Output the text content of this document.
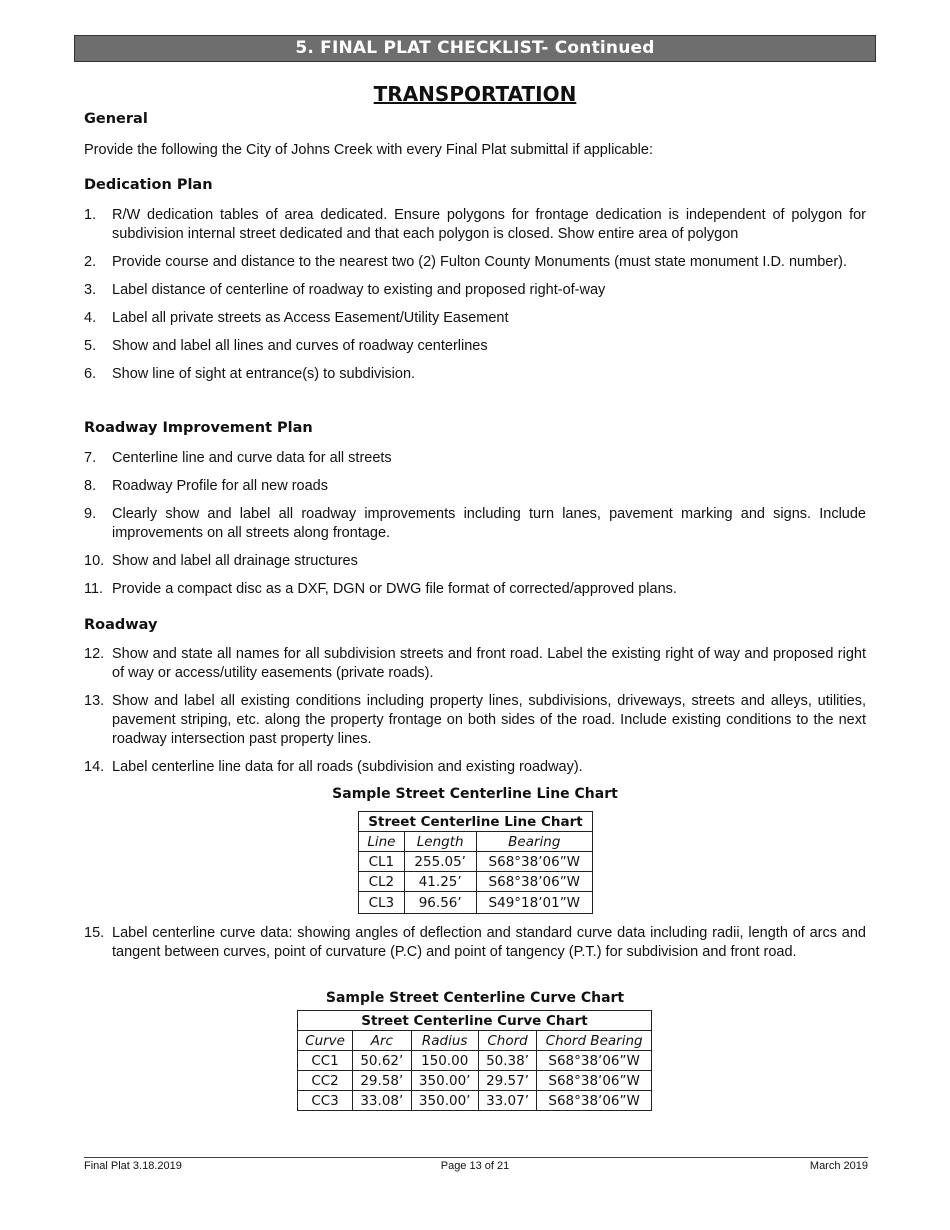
5. FINAL PLAT CHECKLIST- Continued
TRANSPORTATION

General

Provide the following the City of Johns Creek with every Final Plat submittal if applicable:

Dedication Plan

1.	R/W dedication tables of area dedicated. Ensure polygons for frontage dedication is independent of polygon for subdivision internal street dedicated and that each polygon is closed. Show entire area of polygon
2.	Provide course and distance to the nearest two (2) Fulton County Monuments (must state monument I.D. number).
3.	Label distance of centerline of roadway to existing and proposed right-of-way
4.	Label all private streets as Access Easement/Utility Easement
5.	Show and label all lines and curves of roadway centerlines
6.	Show line of sight at entrance(s) to subdivision.

Roadway Improvement Plan

7.	Centerline line and curve data for all streets
8.	Roadway Profile for all new roads
9.	Clearly show and label all roadway improvements including turn lanes, pavement marking and signs. Include improvements on all streets along frontage.
10. Show and label all drainage structures
11. Provide a compact disc as a DXF, DGN or DWG file format of corrected/approved plans.

Roadway

12. Show and state all names for all subdivision streets and front road. Label the existing right of way and proposed right of way or access/utility easements (private roads).
13. Show and label all existing conditions including property lines, subdivisions, driveways, streets and alleys, utilities, pavement striping, etc. along the property frontage on both sides of the road. Include existing conditions to the next roadway intersection past property lines.
14. Label centerline line data for all roads (subdivision and existing roadway).
Sample Street Centerline Line Chart
Street Centerline Line Chart		
Line	Length	Bearing
CL1	255.05’	S68°38’06”W
CL2	41.25’	S68°38’06”W
CL3	96.56’	S49°18’01”W
15. Label centerline curve data: showing angles of deflection and standard curve data including radii, length of arcs and tangent between curves, point of curvature (P.C) and point of tangency (P.T.) for subdivision and front road.
Sample Street Centerline Curve Chart
Street Centerline Curve Chart				
Curve	Arc	Radius	Chord	Chord Bearing
CC1	50.62’	150.00	50.38’	S68°38’06”W
CC2	29.58’	350.00’	29.57’	S68°38’06”W
CC3	33.08’	350.00’	33.07’	S68°38’06”W
Final Plat 3.18.2019	Page 13 of 21	March 2019
